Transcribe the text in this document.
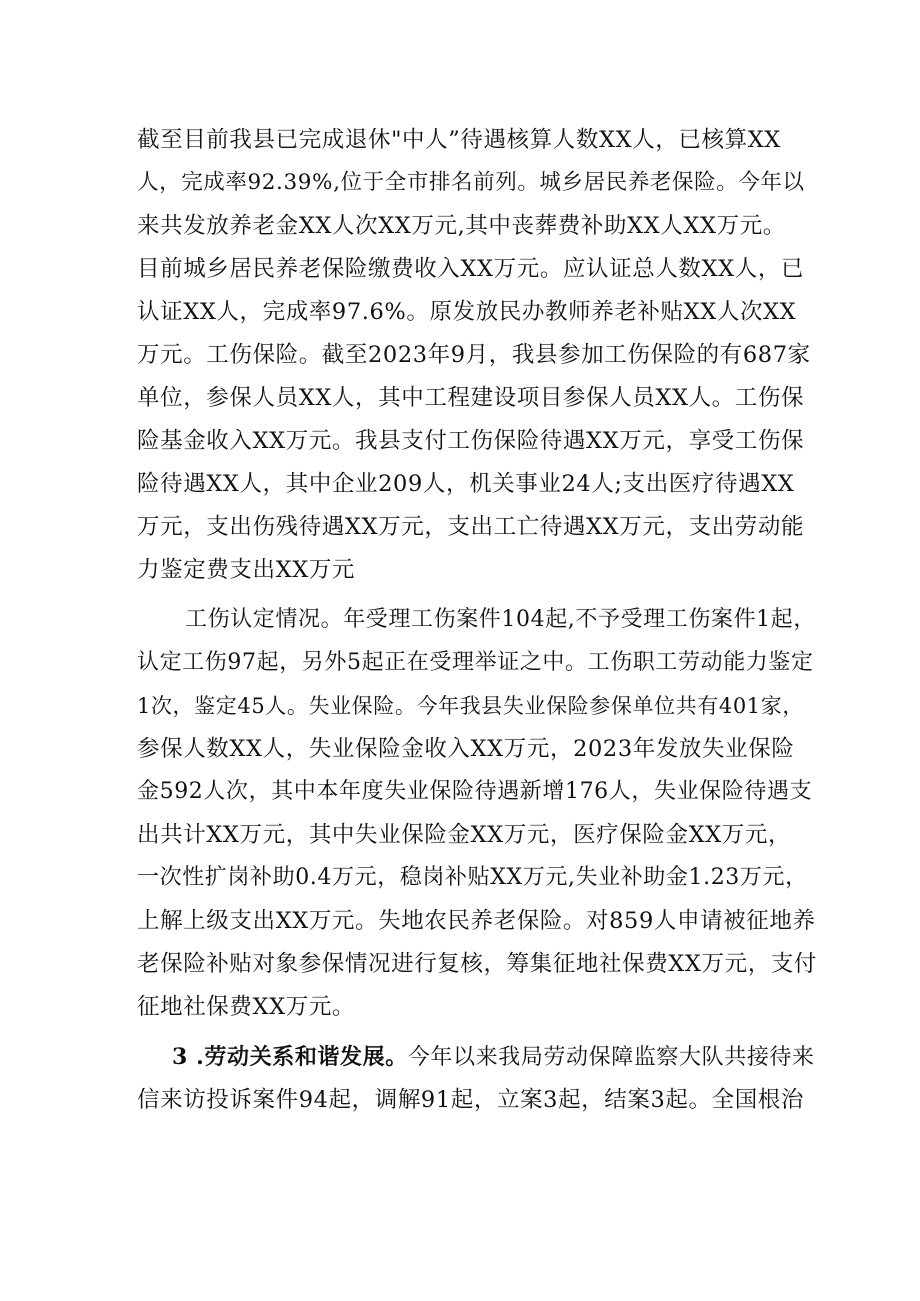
截至目前我县已完成退休"中人”待遇核算人数XX人，已核算XX
人，完成率92.39%,位于全市排名前列。城乡居民养老保险。今年以
来共发放养老金XX人次XX万元,其中丧葬费补助XX人XX万元。
目前城乡居民养老保险缴费收入XX万元。应认证总人数XX人，已
认证XX人，完成率97.6%。原发放民办教师养老补贴XX人次XX
万元。工伤保险。截至2023年9月，我县参加工伤保险的有687家
单位，参保人员XX人，其中工程建设项目参保人员XX人。工伤保
险基金收入XX万元。我县支付工伤保险待遇XX万元，享受工伤保
险待遇XX人，其中企业209人，机关事业24人;支出医疗待遇XX
万元，支出伤残待遇XX万元，支出工亡待遇XX万元，支出劳动能
力鉴定费支出XX万元
工伤认定情况。年受理工伤案件104起,不予受理工伤案件1起，
认定工伤97起，另外5起正在受理举证之中。工伤职工劳动能力鉴定
1次，鉴定45人。失业保险。今年我县失业保险参保单位共有401家，
参保人数XX人，失业保险金收入XX万元，2023年发放失业保险
金592人次，其中本年度失业保险待遇新增176人，失业保险待遇支
出共计XX万元，其中失业保险金XX万元，医疗保险金XX万元，
一次性扩岗补助0.4万元，稳岗补贴XX万元,失业补助金1.23万元，
上解上级支出XX万元。失地农民养老保险。对859人申请被征地养
老保险补贴对象参保情况进行复核，筹集征地社保费XX万元，支付
征地社保费XX万元。
3 .劳动关系和谐发展。今年以来我局劳动保障监察大队共接待来
信来访投诉案件94起，调解91起，立案3起，结案3起。全国根治
